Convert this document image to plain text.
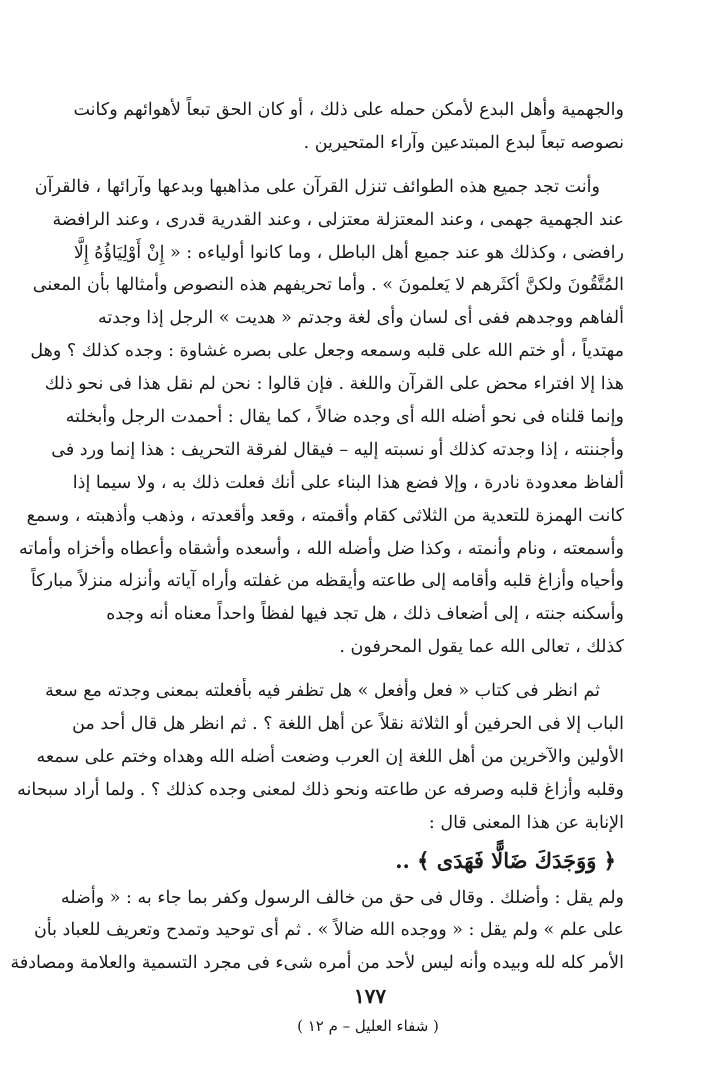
والجهمية وأهل البدع لأمكن حمله على ذلك ، أو كان الحق تبعاً لأهوائهم وكانت
نصوصه تبعاً لبدع المبتدعين وآراء المتحيرين .
وأنت تجد جميع هذه الطوائف تنزل القرآن على مذاهبها وبدعها وآرائها ، فالقرآن
عند الجهمية جهمى ، وعند المعتزلة معتزلى ، وعند القدرية قدرى ، وعند الرافضة
رافضى ، وكذلك هو عند جميع أهل الباطل ، وما كانوا أولياءه : « إِنْ أَوْلِيَاؤُهُ إِلَّا
المُتَّقُونَ ولكنَّ أكثَرهم لا يَعلمونَ » . وأما تحريفهم هذه النصوص وأمثالها بأن المعنى
ألفاهم ووجدهم ففى أى لسان وأى لغة وجدتم « هديت » الرجل إذا وجدته
مهتدياً ، أو ختم الله على قلبه وسمعه وجعل على بصره غشاوة : وجده كذلك ؟ وهل
هذا إلا افتراء محض على القرآن واللغة . فإن قالوا : نحن لم نقل هذا فى نحو ذلك
وإنما قلناه فى نحو أضله الله أى وجده ضالاً ، كما يقال : أحمدت الرجل وأبخلته
وأجننته ، إذا وجدته كذلك أو نسبته إليه – فيقال لفرقة التحريف : هذا إنما ورد فى
ألفاظ معدودة نادرة ، وإلا فضع هذا البناء على أنك فعلت ذلك به ، ولا سيما إذا
كانت الهمزة للتعدية من الثلاثى كقام وأقمته ، وقعد وأقعدته ، وذهب وأذهبته ، وسمع
وأسمعته ، ونام وأنمته ، وكذا ضل وأضله الله ، وأسعده وأشقاه وأعطاه وأخزاه وأماته
وأحياه وأزاغ قلبه وأقامه إلى طاعته وأيقظه من غفلته وأراه آياته وأنزله منزلاً مباركاً
وأسكنه جنته ، إلى أضعاف ذلك ، هل تجد فيها لفظاً واحداً معناه أنه وجده
كذلك ، تعالى الله عما يقول المحرفون .
ثم انظر فى كتاب « فعل وأفعل » هل تظفر فيه بأفعلته بمعنى وجدته مع سعة
الباب إلا فى الحرفين أو الثلاثة نقلاً عن أهل اللغة ؟ . ثم انظر هل قال أحد من
الأولين والآخرين من أهل اللغة إن العرب وضعت أضله الله وهداه وختم على سمعه
وقلبه وأزاغ قلبه وصرفه عن طاعته ونحو ذلك لمعنى وجده كذلك ؟ . ولما أراد سبحانه
الإنابة عن هذا المعنى قال :
﴿ وَوَجَدَكَ ضَالًّا فَهَدَى ﴾ ..
ولم يقل : وأضلك . وقال فى حق من خالف الرسول وكفر بما جاء به : « وأضله
على علم » ولم يقل : « ووجده الله ضالاً » . ثم أى توحيد وتمدح وتعريف للعباد بأن
الأمر كله لله وبيده وأنه ليس لأحد من أمره شىء فى مجرد التسمية والعلامة ومصادفة
١٧٧
( شفاء العليل – م ١٢ )
